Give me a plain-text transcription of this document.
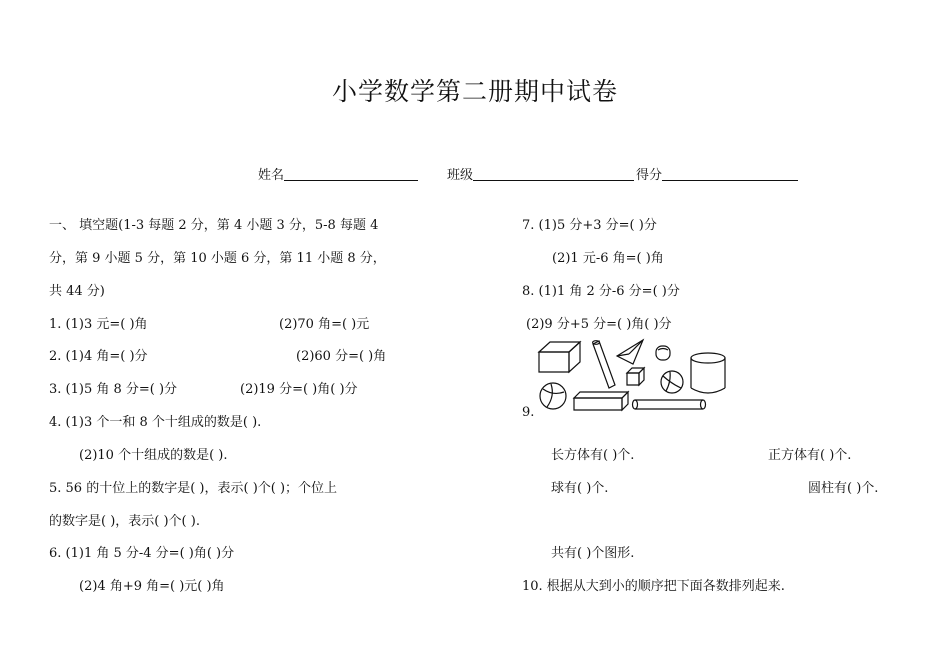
小学数学第二册期中试卷
姓名	班级	得分
一、 填空题(1-3 每题 2 分，第 4 小题 3 分，5-8 每题 4
分，第 9 小题 5 分，第 10 小题 6 分，第 11 小题 8 分，
共 44 分)
1. (1)3 元=( )角	(2)70 角=( )元
2. (1)4 角=( )分	(2)60 分=( )角
3. (1)5 角 8 分=( )分	(2)19 分=( )角( )分
4. (1)3 个一和 8 个十组成的数是( ).
(2)10 个十组成的数是( ).
5. 56 的十位上的数字是( )，表示( )个( )；个位上
的数字是( )，表示( )个( ).
6. (1)1 角 5 分-4 分=( )角( )分
(2)4 角+9 角=( )元( )角
7. (1)5 分+3 分=( )分
(2)1 元-6 角=( )角
8. (1)1 角 2 分-6 分=( )分
(2)9 分+5 分=( )角( )分
9.
长方体有( )个.	正方体有( )个.
球有( )个.	圆柱有( )个.
共有( )个图形.
10. 根据从大到小的顺序把下面各数排列起来.
